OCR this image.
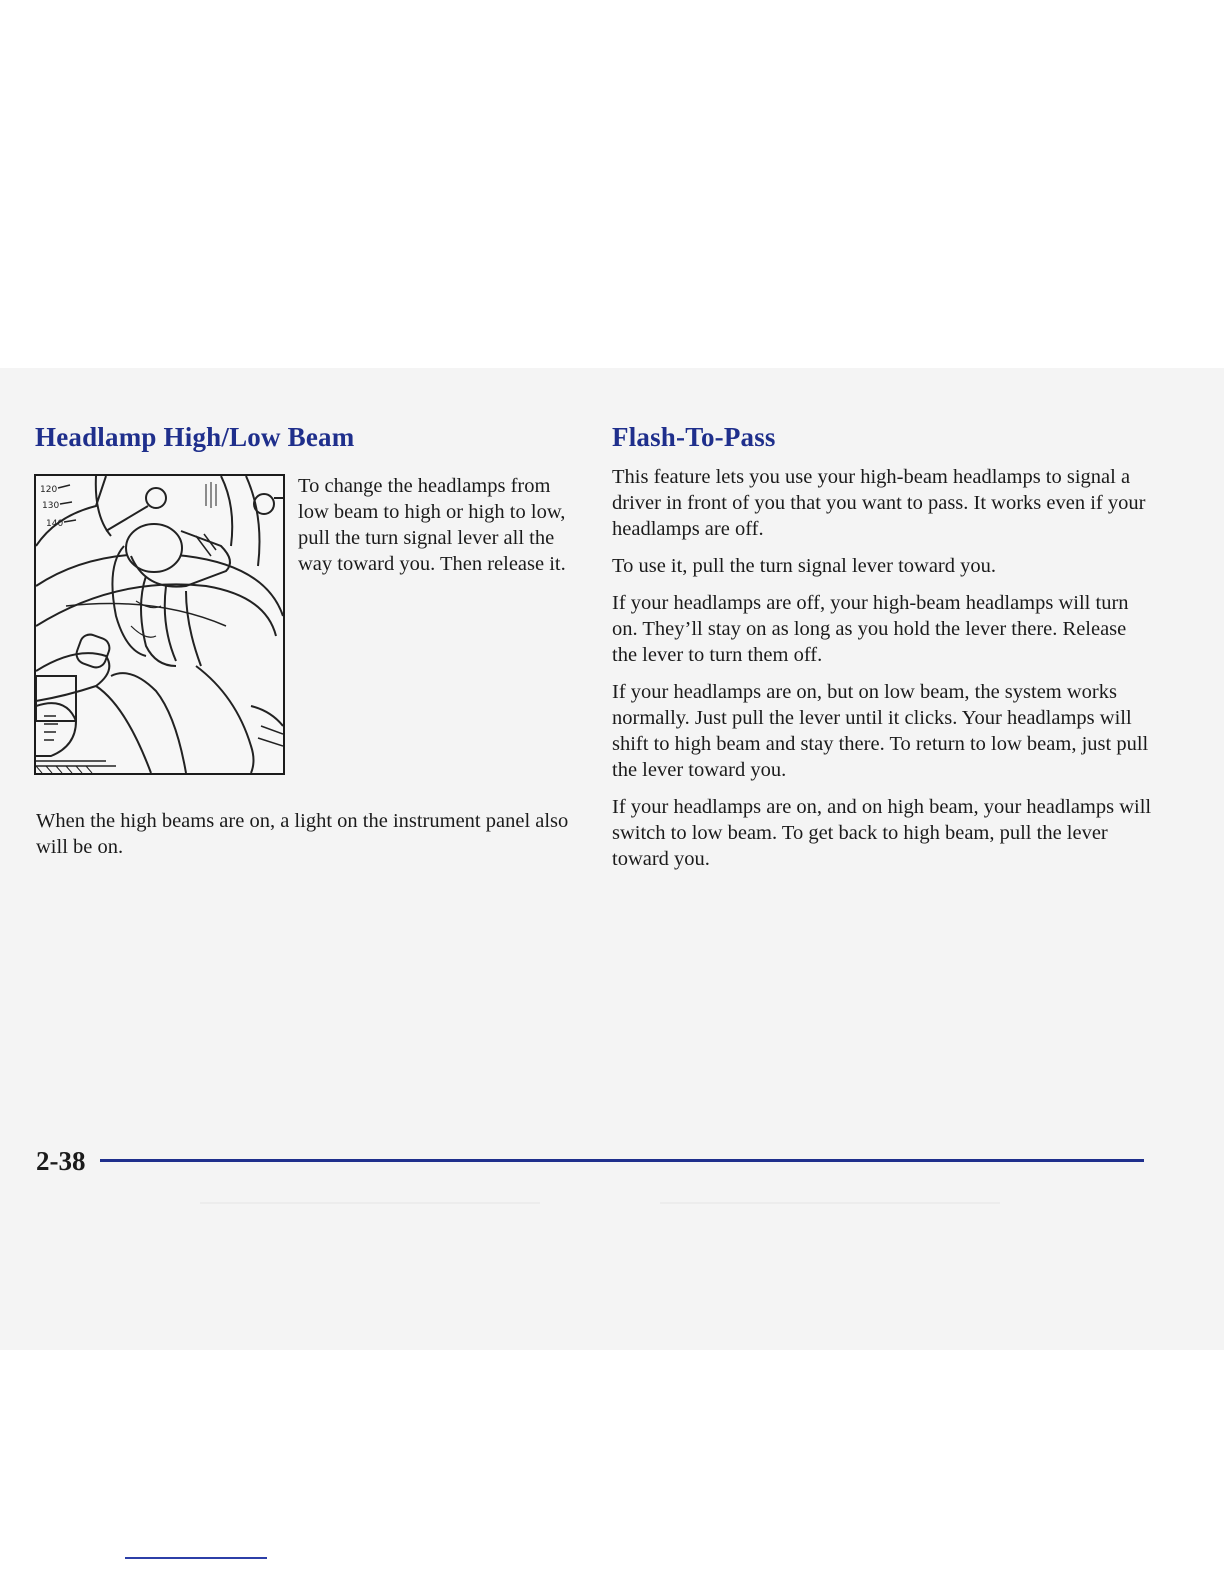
Headlamp High/Low Beam
120
130
140

To change the headlamps from low beam to high or high to low, pull the turn signal lever all the way toward you. Then release it.

When the high beams are on, a light on the instrument panel also will be on.

Flash-To-Pass

This feature lets you use your high-beam headlamps to signal a driver in front of you that you want to pass. It works even if your headlamps are off.

To use it, pull the turn signal lever toward you.

If your headlamps are off, your high-beam headlamps will turn on. They’ll stay on as long as you hold the lever there. Release the lever to turn them off.

If your headlamps are on, but on low beam, the system works normally. Just pull the lever until it clicks. Your headlamps will shift to high beam and stay there. To return to low beam, just pull the lever toward you.

If your headlamps are on, and on high beam, your headlamps will switch to low beam. To get back to high beam, pull the lever toward you.

2-38
